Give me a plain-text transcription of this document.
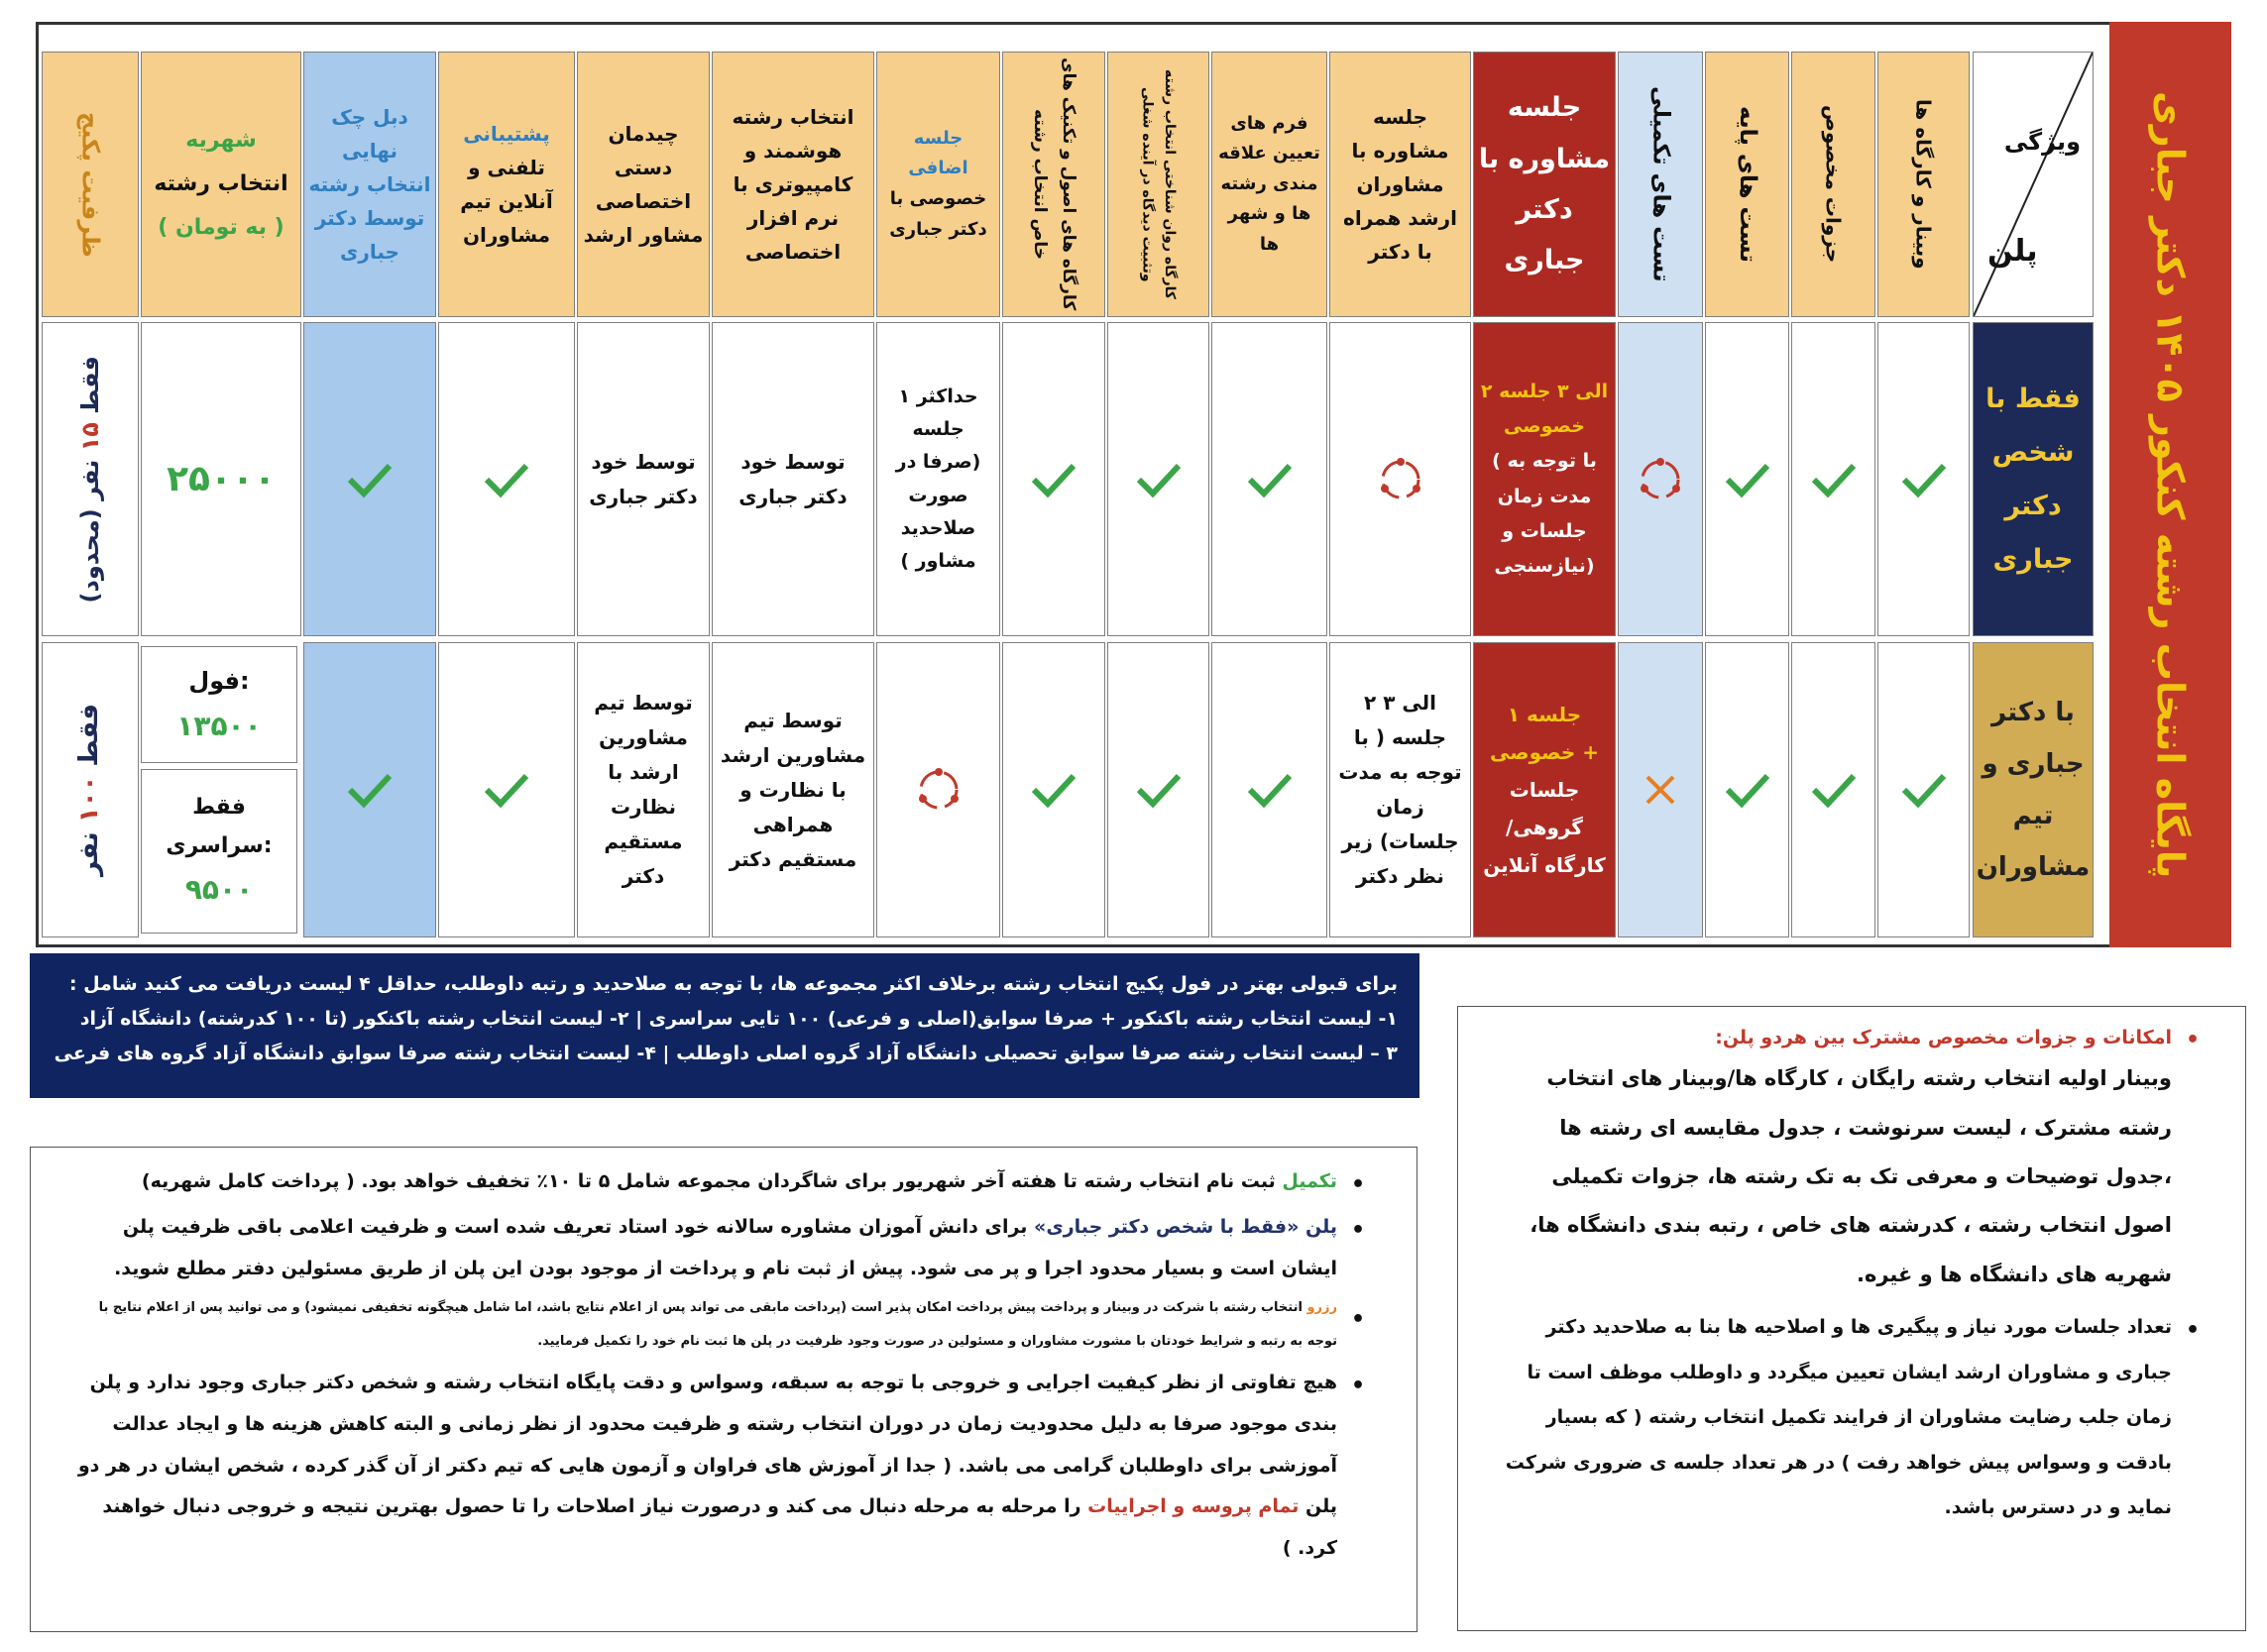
پایگاه انتخاب رشته کنکور ۱۴۰۵ دکتر جباری
ویژگی
پلن
وبینار و کارگاه ها
جزوات مخصوص
تست های پایه
تست های تکمیلی
جلسه مشاوره با دکتر جباری
جلسه مشاوره با مشاوران ارشد همراه با دکتر
فرم های تعیین علاقه مندی رشته ها و شهر ها
کارگاه روان شناختی انتخاب رشته وتثبیت دیدگاه در آینده شغلی
کارگاه های اصول و تکنیک های خاص انتخاب رشته
جلسه اضافی
خصوصی با دکتر جباری
انتخاب رشته هوشمند و کامپیوتری با نرم افزار اختصاصی
چیدمان دستی اختصاصی مشاور ارشد
پشتیبانی
تلفنی و آنلاین تیم مشاوران
دبل چک نهایی انتخاب رشته توسط دکتر جباری
شهریه
انتخاب رشته
( به تومان )
ظرفیت پکیج
فقط با شخص دکتر جباری
۲ الی ۳ جلسه خصوصی
( با توجه به مدت زمان جلسات و نیازسنجی)
حداکثر ۱ جلسه (صرفا در صورت صلاحدید مشاور )
توسط خود دکتر جباری
توسط خود دکتر جباری
۲۵۰۰۰
فقط ۱۵ نفر (محدود)
با دکتر جباری و تیم مشاوران
۱ جلسه
خصوصی +
جلسات گروهی/ کارگاه آنلاین
۲ الی ۳ جلسه ( با توجه به مدت زمان جلسات) زیر نظر دکتر
توسط تیم مشاورین ارشد با نظارت و همراهی مستقیم دکتر
توسط تیم مشاورین ارشد با نظارت مستقیم دکتر
فول:
۱۳۵۰۰
فقط سراسری:
۹۵۰۰
فقط ۱۰۰ نفر
برای قبولی بهتر در فول پکیج انتخاب رشته برخلاف اکثر مجموعه ها، با توجه به صلاحدید و رتبه داوطلب، حداقل ۴ لیست دریافت می کنید شامل :
۱- لیست انتخاب رشته باکنکور + صرفا سوابق(اصلی و فرعی) ۱۰۰ تایی سراسری | ۲- لیست انتخاب رشته باکنکور (تا ۱۰۰ کدرشته) دانشگاه آزاد
۳ – لیست انتخاب رشته صرفا سوابق تحصیلی دانشگاه آزاد گروه اصلی داوطلب | ۴- لیست انتخاب رشته صرفا سوابق دانشگاه آزاد گروه های فرعی
• امکانات و جزوات مخصوص مشترک بین هردو پلن:
وبینار اولیه انتخاب رشته رایگان ، کارگاه ها/وبینار های انتخاب رشته مشترک ، لیست سرنوشت ، جدول مقایسه ای رشته ها ،جدول توضیحات و معرفی تک به تک رشته ها، جزوات تکمیلی اصول انتخاب رشته ، کدرشته های خاص ، رتبه بندی دانشگاه ها، شهریه های دانشگاه ها و غیره.
• تعداد جلسات مورد نیاز و پیگیری ها و اصلاحیه ها بنا به صلاحدید دکتر جباری و مشاوران ارشد ایشان تعیین میگردد و داوطلب موظف است تا زمان جلب رضایت مشاوران از فرایند تکمیل انتخاب رشته ( که بسیار بادقت و وسواس پیش خواهد رفت ) در هر تعداد جلسه ی ضروری شرکت نماید و در دسترس باشد.
• تکمیل ثبت نام انتخاب رشته تا هفته آخر شهریور برای شاگردان مجموعه شامل ۵ تا ۱۰٪ تخفیف خواهد بود. ( پرداخت کامل شهریه)
• پلن «فقط با شخص دکتر جباری» برای دانش آموزان مشاوره سالانه خود استاد تعریف شده است و ظرفیت اعلامی باقی ظرفیت پلن ایشان است و بسیار محدود اجرا و پر می شود. پیش از ثبت نام و پرداخت از موجود بودن این پلن از طریق مسئولین دفتر مطلع شوید.
• رزرو انتخاب رشته با شرکت در وبینار و پرداخت پیش پرداخت امکان پذیر است (پرداخت مابقی می تواند پس از اعلام نتایج باشد، اما شامل هیچگونه تخفیفی نمیشود) و می توانید پس از اعلام نتایج با توجه به رتبه و شرایط خودتان با مشورت مشاوران و مسئولین در صورت وجود ظرفیت در پلن ها ثبت نام خود را تکمیل فرمایید.
• هیچ تفاوتی از نظر کیفیت اجرایی و خروجی با توجه به سبقه، وسواس و دقت پایگاه انتخاب رشته و شخص دکتر جباری وجود ندارد و پلن بندی موجود صرفا به دلیل محدودیت زمان در دوران انتخاب رشته و ظرفیت محدود از نظر زمانی و البته کاهش هزینه ها و ایجاد عدالت آموزشی برای داوطلبان گرامی می باشد. ( جدا از آموزش های فراوان و آزمون هایی که تیم دکتر از آن گذر کرده ، شخص ایشان در هر دو پلن تمام پروسه و اجراییات را مرحله به مرحله دنبال می کند و درصورت نیاز اصلاحات را تا حصول بهترین نتیجه و خروجی دنبال خواهند کرد. )
